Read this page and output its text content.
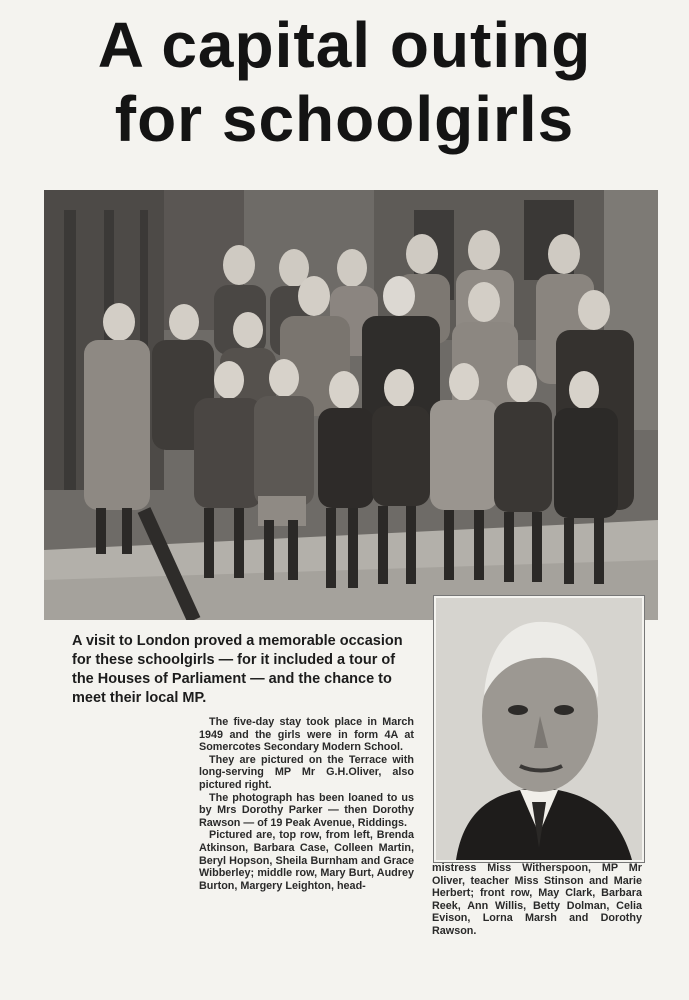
A capital outing
for schoolgirls
A visit to London proved a memorable occasion for these schoolgirls — for it included a tour of the Houses of Parliament — and the chance to meet their local MP.

The five-day stay took place in March 1949 and the girls were in form 4A at Somercotes Secondary Modern School.

They are pictured on the Terrace with long-serving MP Mr G.H.Oliver, also pictured right.

The photograph has been loaned to us by Mrs Dorothy Parker — then Dorothy Rawson — of 19 Peak Avenue, Riddings.

Pictured are, top row, from left, Brenda Atkinson, Barbara Case, Colleen Martin, Beryl Hopson, Sheila Burnham and Grace Wibberley; middle row, Mary Burt, Audrey Burton, Margery Leighton, head-

mistress Miss Witherspoon, MP Mr Oliver, teacher Miss Stinson and Marie Herbert; front row, May Clark, Barbara Reek, Ann Willis, Betty Dolman, Celia Evison, Lorna Marsh and Dorothy Rawson.
